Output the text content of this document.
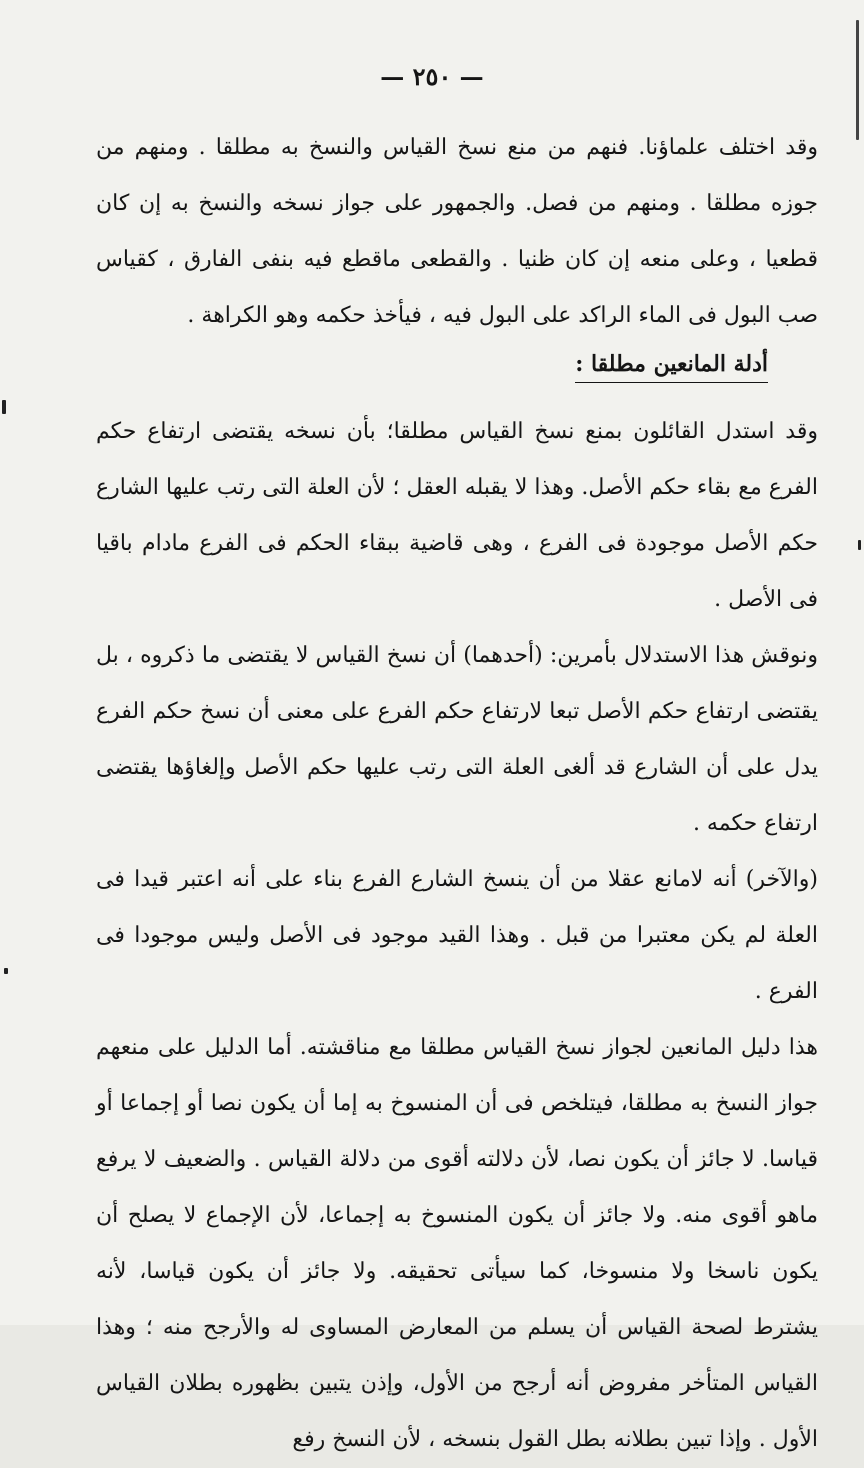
— ٢٥٠ —

وقد اختلف علماؤنا. فنهم من منع نسخ القياس والنسخ به مطلقا . ومنهم من جوزه مطلقا . ومنهم من فصل. والجمهور على جواز نسخه والنسخ به إن كان قطعيا ، وعلى منعه إن كان ظنيا . والقطعى ماقطع فيه بنفى الفارق ، كقياس صب البول فى الماء الراكد على البول فيه ، فيأخذ حكمه وهو الكراهة .

أدلة المانعين مطلقا :

وقد استدل القائلون بمنع نسخ القياس مطلقا؛ بأن نسخه يقتضى ارتفاع حكم الفرع مع بقاء حكم الأصل. وهذا لا يقبله العقل ؛ لأن العلة التى رتب عليها الشارع حكم الأصل موجودة فى الفرع ، وهى قاضية ببقاء الحكم فى الفرع مادام باقيا فى الأصل .

ونوقش هذا الاستدلال بأمرين: (أحدهما) أن نسخ القياس لا يقتضى ما ذكروه ، بل يقتضى ارتفاع حكم الأصل تبعا لارتفاع حكم الفرع على معنى أن نسخ حكم الفرع يدل على أن الشارع قد ألغى العلة التى رتب عليها حكم الأصل وإلغاؤها يقتضى ارتفاع حكمه .

(والآخر) أنه لامانع عقلا من أن ينسخ الشارع الفرع بناء على أنه اعتبر قيدا فى العلة لم يكن معتبرا من قبل . وهذا القيد موجود فى الأصل وليس موجودا فى الفرع .

هذا دليل المانعين لجواز نسخ القياس مطلقا مع مناقشته. أما الدليل على منعهم جواز النسخ به مطلقا، فيتلخص فى أن المنسوخ به إما أن يكون نصا أو إجماعا أو قياسا. لا جائز أن يكون نصا، لأن دلالته أقوى من دلالة القياس . والضعيف لا يرفع ماهو أقوى منه. ولا جائز أن يكون المنسوخ به إجماعا، لأن الإجماع لا يصلح أن يكون ناسخا ولا منسوخا، كما سيأتى تحقيقه. ولا جائز أن يكون قياسا، لأنه يشترط لصحة القياس أن يسلم من المعارض المساوى له والأرجح منه ؛ وهذا القياس المتأخر مفروض أنه أرجح من الأول، وإذن يتبين بظهوره بطلان القياس الأول . وإذا تبين بطلانه بطل القول بنسخه ، لأن النسخ رفع
